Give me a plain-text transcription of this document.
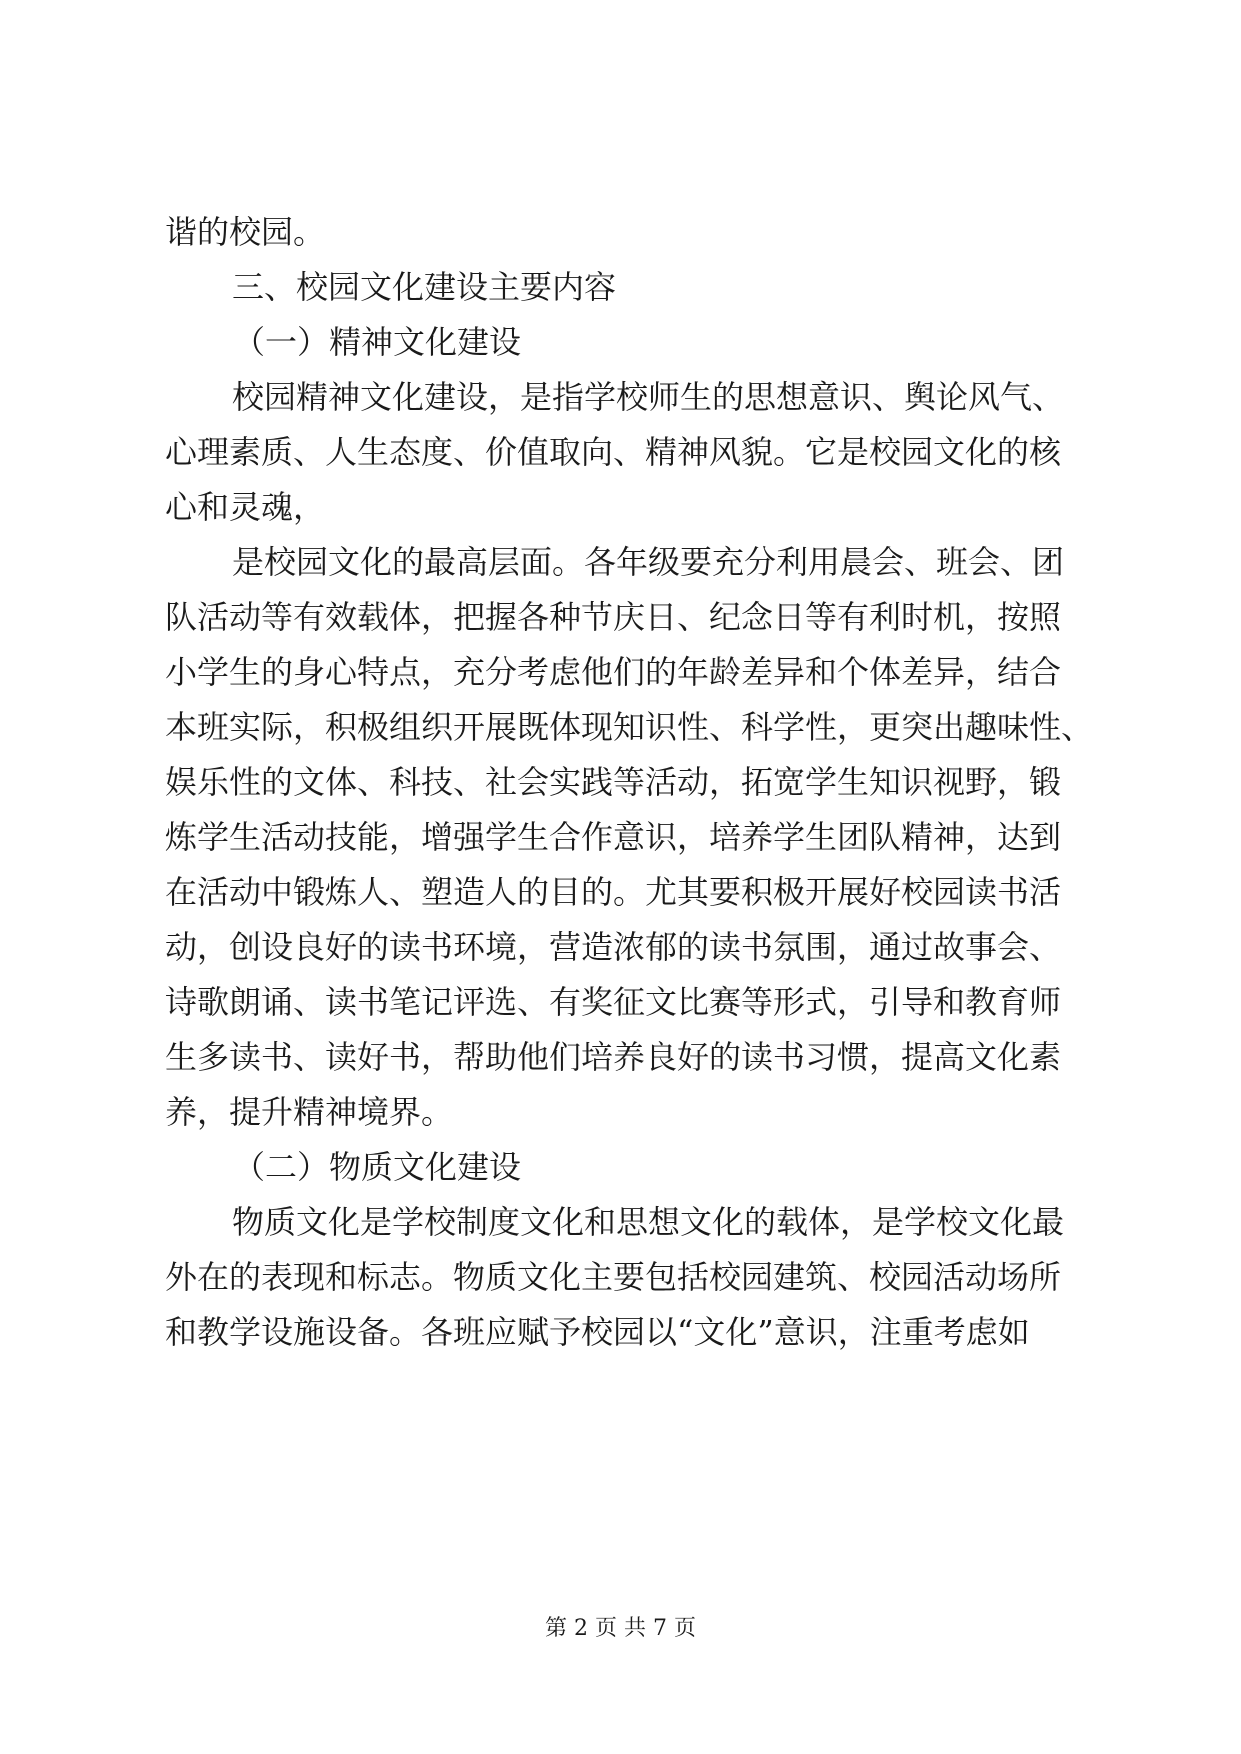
谐的校园。
三、校园文化建设主要内容
（一）精神文化建设
校园精神文化建设，是指学校师生的思想意识、舆论风气、
心理素质、人生态度、价值取向、精神风貌。它是校园文化的核
心和灵魂，
是校园文化的最高层面。各年级要充分利用晨会、班会、团
队活动等有效载体，把握各种节庆日、纪念日等有利时机，按照
小学生的身心特点，充分考虑他们的年龄差异和个体差异，结合
本班实际，积极组织开展既体现知识性、科学性，更突出趣味性、
娱乐性的文体、科技、社会实践等活动，拓宽学生知识视野，锻
炼学生活动技能，增强学生合作意识，培养学生团队精神，达到
在活动中锻炼人、塑造人的目的。尤其要积极开展好校园读书活
动，创设良好的读书环境，营造浓郁的读书氛围，通过故事会、
诗歌朗诵、读书笔记评选、有奖征文比赛等形式，引导和教育师
生多读书、读好书，帮助他们培养良好的读书习惯，提高文化素
养，提升精神境界。
（二）物质文化建设
物质文化是学校制度文化和思想文化的载体，是学校文化最
外在的表现和标志。物质文化主要包括校园建筑、校园活动场所
和教学设施设备。各班应赋予校园以“文化”意识，注重考虑如
第 2 页 共 7 页
